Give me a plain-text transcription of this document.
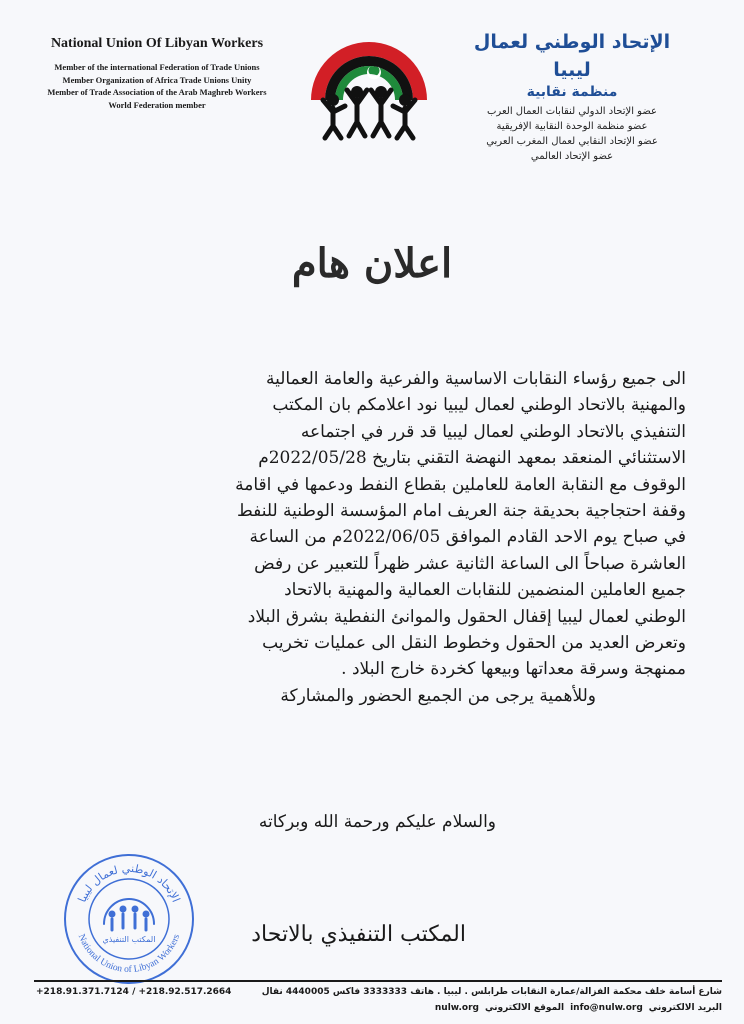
National Union Of Libyan Workers
Member of the international Federation of Trade Unions
Member Organization of Africa Trade Unions Unity
Member of Trade Association of the Arab Maghreb Workers
World Federation member
الإتحاد الوطني لعمال ليبيا
منظمة نقابية
عضو الإتحاد الدولي لنقابات العمال العرب
عضو منظمة الوحدة النقابية الإفريقية
عضو الإتحاد النقابي لعمال المغرب العربي
عضو الإتحاد العالمي
اعلان هام
الى جميع رؤساء النقابات الاساسية والفرعية والعامة العمالية
والمهنية بالاتحاد الوطني لعمال ليبيا نود اعلامكم بان المكتب
التنفيذي بالاتحاد الوطني لعمال ليبيا قد قرر في اجتماعه
الاستثنائي المنعقد بمعهد النهضة التقني بتاريخ 2022/05/28م
الوقوف مع النقابة العامة للعاملين بقطاع النفط ودعمها في اقامة
وقفة احتجاجية بحديقة جنة العريف امام المؤسسة الوطنية للنفط
في صباح يوم الاحد القادم الموافق 2022/06/05م من الساعة
العاشرة صباحاً الى الساعة الثانية عشر ظهراً للتعبير عن رفض
جميع العاملين المنضمين للنقابات العمالية والمهنية بالاتحاد
الوطني لعمال ليبيا إقفال الحقول والموانئ النفطية بشرق البلاد
وتعرض العديد من الحقول وخطوط النقل الى عمليات تخريب
ممنهجة وسرقة معداتها وبيعها كخردة خارج البلاد .
وللأهمية يرجى من الجميع الحضور والمشاركة
والسلام عليكم ورحمة الله وبركاته
الإتحاد الوطني لعمال ليبيا
National Union of Libyan Workers
المكتب التنفيذي	المكتب التنفيذي بالاتحاد
+218.91.371.7124 / +218.92.517.2664	شارع أسامة خلف محكمة الفزالة/عمارة النقابات طرابلس . ليبيا . هاتف 3333333 فاكس 4440005 نقال
nulw.org الموقع الالكتروني info@nulw.org البريد الالكتروني
